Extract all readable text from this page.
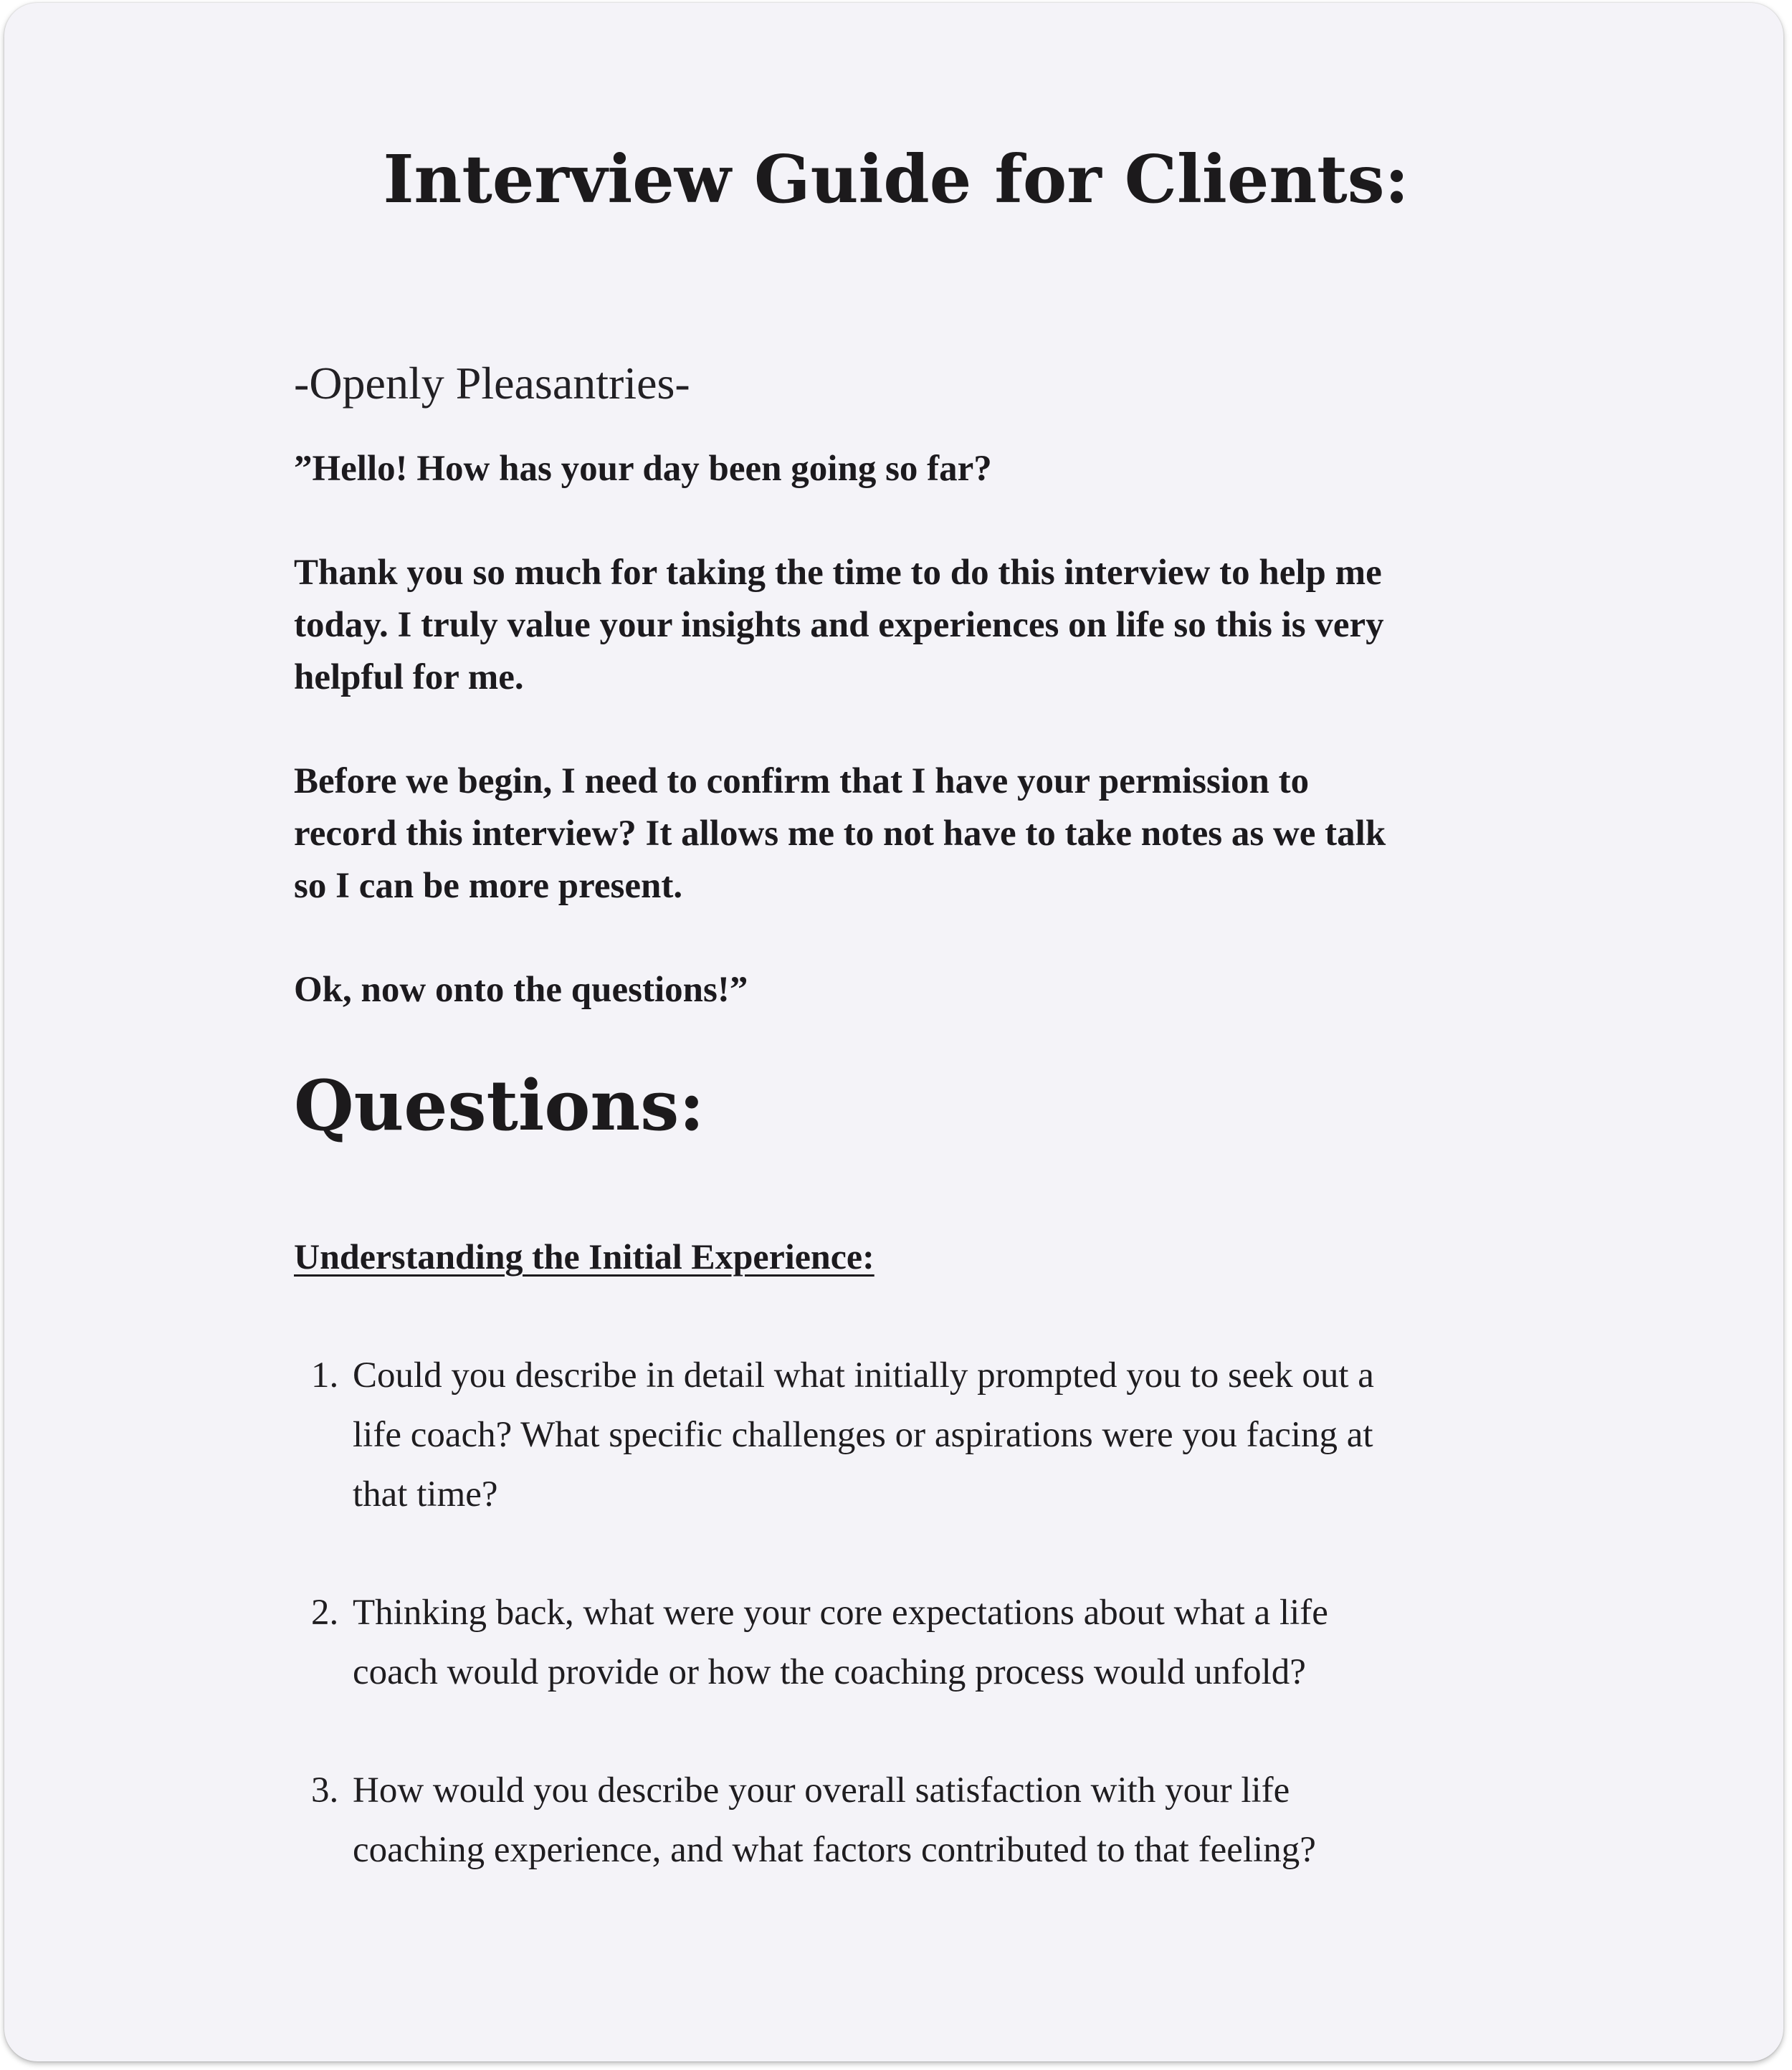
Interview Guide for Clients:

-Openly Pleasantries-

”Hello! How has your day been going so far?

Thank you so much for taking the time to do this interview to help me today. I truly value your insights and experiences on life so this is very helpful for me.

Before we begin, I need to confirm that I have your permission to record this interview? It allows me to not have to take notes as we talk so I can be more present.

Ok, now onto the questions!”

Questions:

Understanding the Initial Experience:

1. Could you describe in detail what initially prompted you to seek out a life coach? What specific challenges or aspirations were you facing at that time?
2. Thinking back, what were your core expectations about what a life coach would provide or how the coaching process would unfold?
3. How would you describe your overall satisfaction with your life coaching experience, and what factors contributed to that feeling?
